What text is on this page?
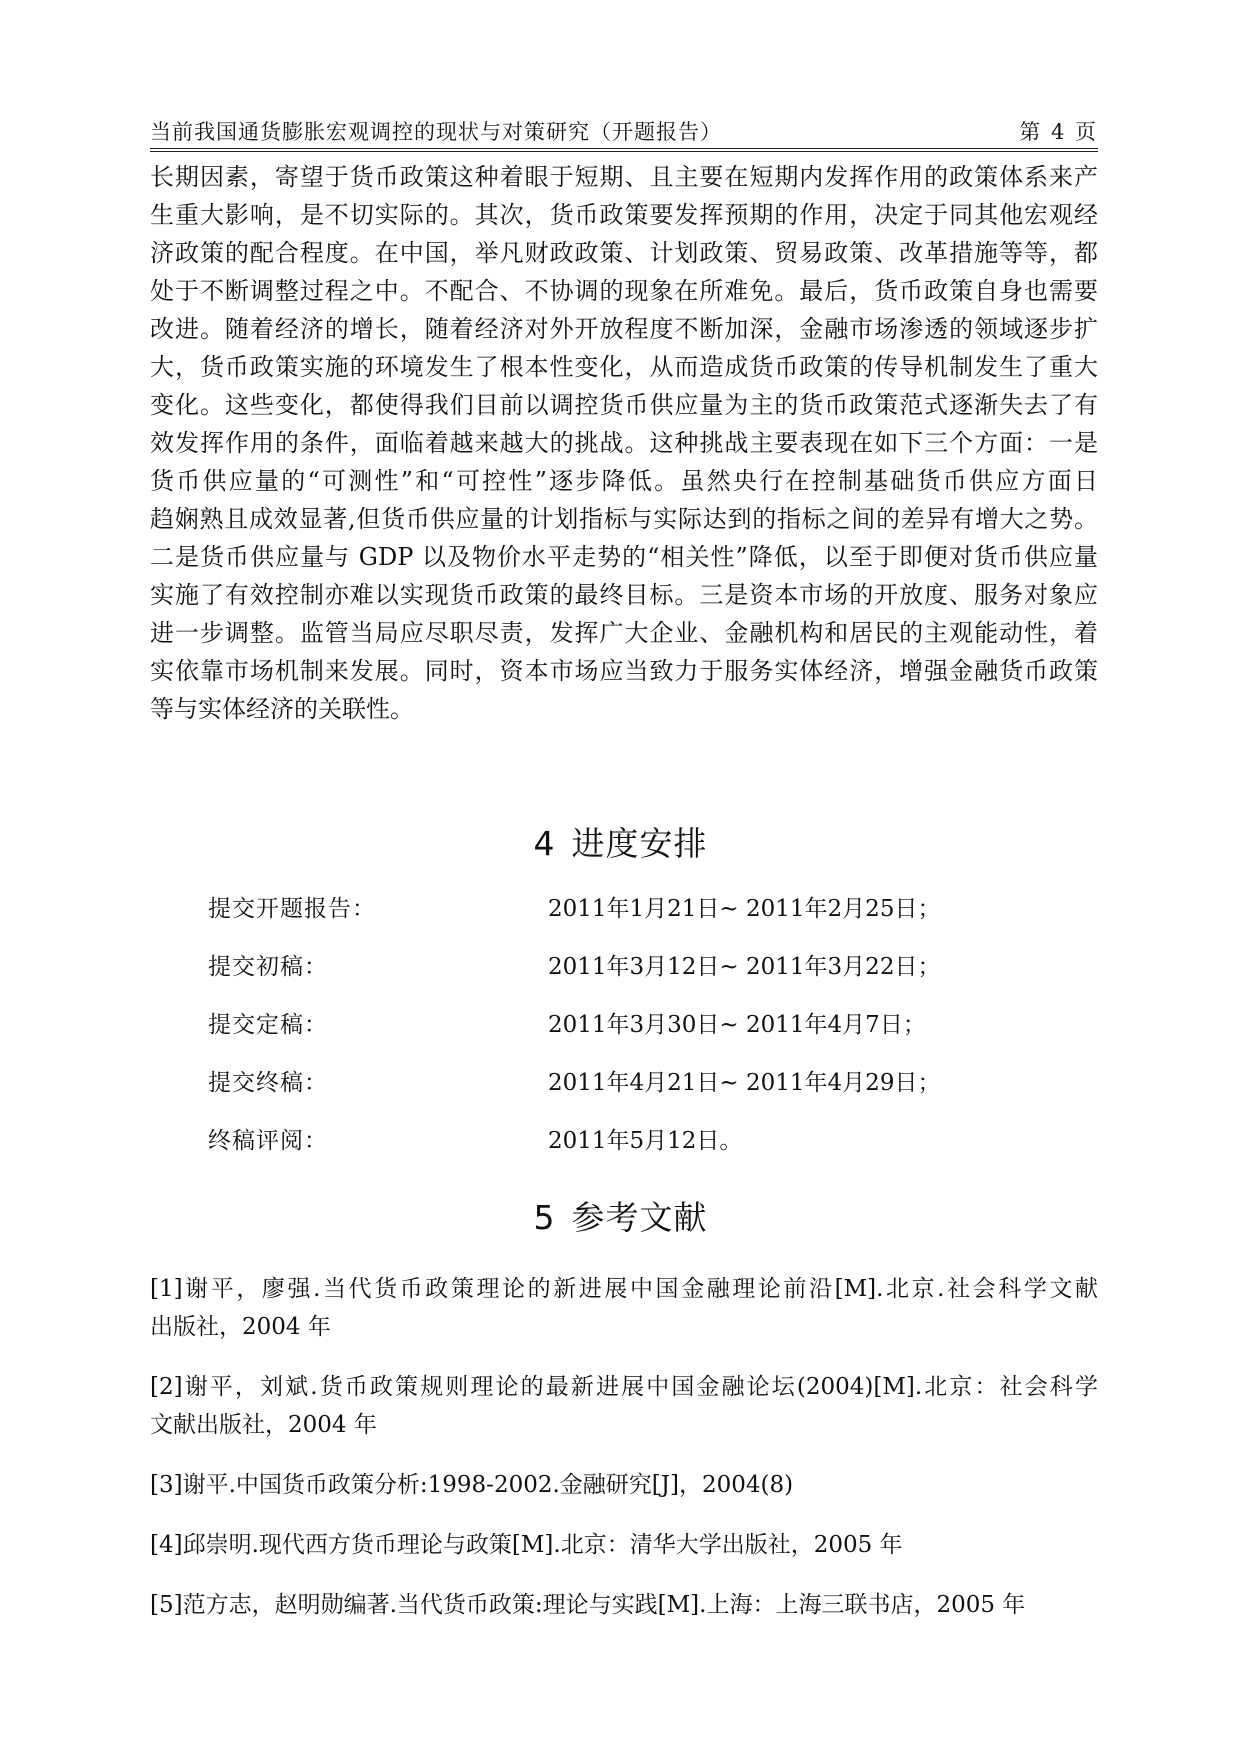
当前我国通货膨胀宏观调控的现状与对策研究（开题报告）	第 4 页
长期因素，寄望于货币政策这种着眼于短期、且主要在短期内发挥作用的政策体系来产
生重大影响，是不切实际的。其次，货币政策要发挥预期的作用，决定于同其他宏观经
济政策的配合程度。在中国，举凡财政政策、计划政策、贸易政策、改革措施等等，都
处于不断调整过程之中。不配合、不协调的现象在所难免。最后，货币政策自身也需要
改进。随着经济的增长，随着经济对外开放程度不断加深，金融市场渗透的领域逐步扩
大，货币政策实施的环境发生了根本性变化，从而造成货币政策的传导机制发生了重大
变化。这些变化，都使得我们目前以调控货币供应量为主的货币政策范式逐渐失去了有
效发挥作用的条件，面临着越来越大的挑战。这种挑战主要表现在如下三个方面：一是
货币供应量的“可测性”和“可控性”逐步降低。虽然央行在控制基础货币供应方面日
趋娴熟且成效显著,但货币供应量的计划指标与实际达到的指标之间的差异有增大之势。
二是货币供应量与 GDP 以及物价水平走势的“相关性”降低，以至于即便对货币供应量
实施了有效控制亦难以实现货币政策的最终目标。三是资本市场的开放度、服务对象应
进一步调整。监管当局应尽职尽责，发挥广大企业、金融机构和居民的主观能动性，着
实依靠市场机制来发展。同时，资本市场应当致力于服务实体经济，增强金融货币政策
等与实体经济的关联性。
4 进度安排
提交开题报告：	2011年1月21日~ 2011年2月25日；
提交初稿：	2011年3月12日~ 2011年3月22日；
提交定稿：	2011年3月30日~ 2011年4月7日；
提交终稿：	2011年4月21日~ 2011年4月29日；
终稿评阅：	2011年5月12日。
5 参考文献
[1]谢平，廖强.当代货币政策理论的新进展中国金融理论前沿[M].北京.社会科学文献
出版社，2004 年
[2]谢平，刘斌.货币政策规则理论的最新进展中国金融论坛(2004)[M].北京：社会科学
文献出版社，2004 年
[3]谢平.中国货币政策分析:1998-2002.金融研究[J]，2004(8)
[4]邱崇明.现代西方货币理论与政策[M].北京：清华大学出版社，2005 年
[5]范方志，赵明勋编著.当代货币政策:理论与实践[M].上海：上海三联书店，2005 年
